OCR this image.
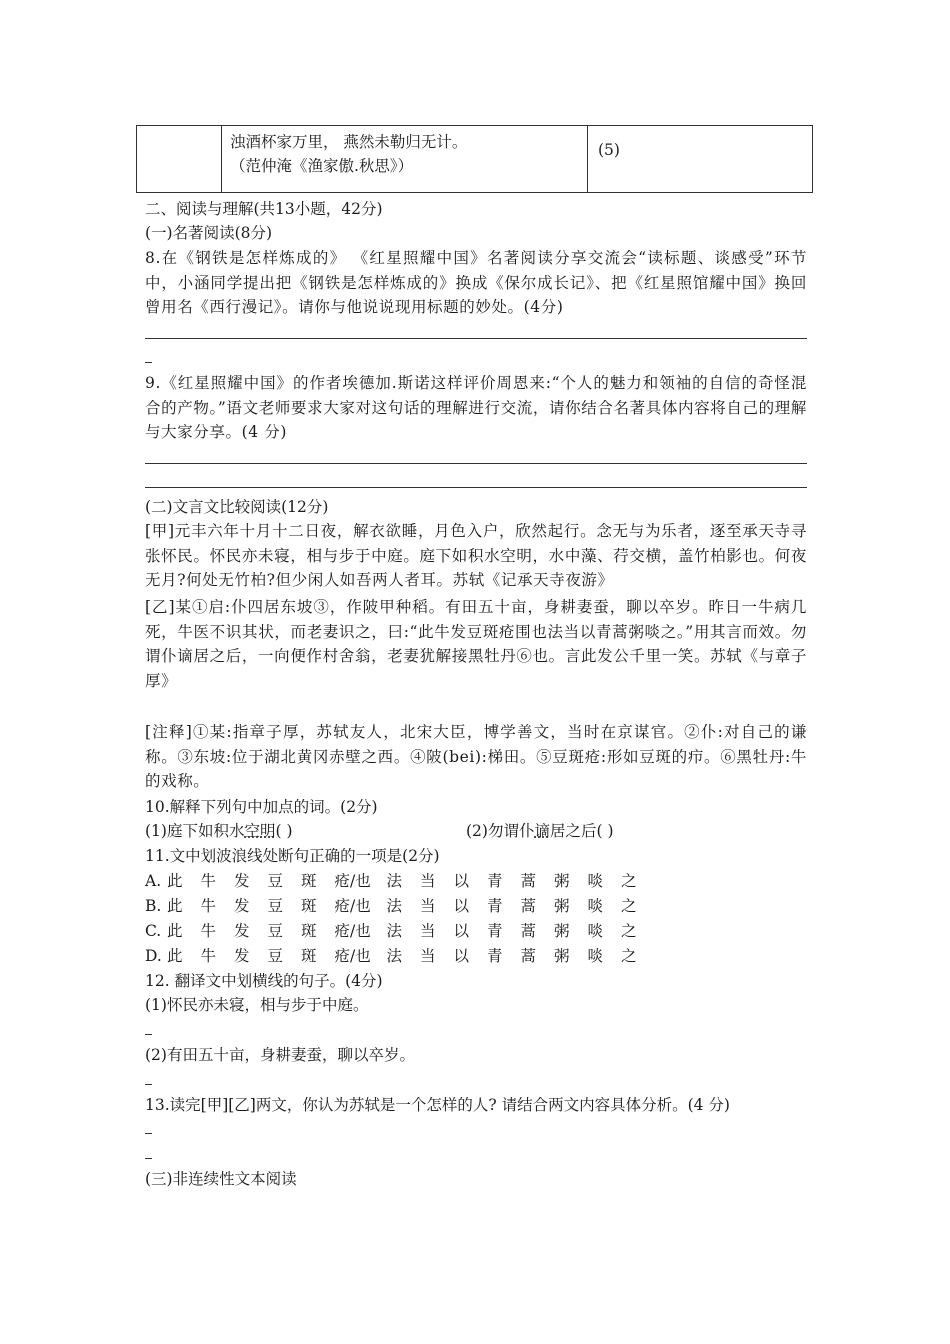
浊酒杯家万里， 燕然未勒归无计。
（范仲淹《渔家傲.秋思》）
(5)
二、阅读与理解(共13小题，42分)
(一)名著阅读(8分)
8.在《钢铁是怎样炼成的》 《红星照耀中国》名著阅读分享交流会“读标题、谈感受”环节中，小涵同学提出把《钢铁是怎样炼成的》换成《保尔成长记》、把《红星照馆耀中国》换回曾用名《西行漫记》。请你与他说说现用标题的妙处。(4分)
9.《红星照耀中国》的作者埃德加.斯诺这样评价周恩来:“个人的魅力和领袖的自信的奇怪混合的产物。”语文老师要求大家对这句话的理解进行交流，请你结合名著具体内容将自己的理解与大家分享。(4 分)
(二)文言文比较阅读(12分)
[甲]元丰六年十月十二日夜，解衣欲睡，月色入户，欣然起行。念无与为乐者，逐至承天寺寻张怀民。怀民亦未寝，相与步于中庭。庭下如积水空明，水中藻、荇交横，盖竹柏影也。何夜无月?何处无竹柏?但少闲人如吾两人者耳。苏轼《记承天寺夜游》
[乙]某①启:仆四居东坡③，作陂甲种稻。有田五十亩，身耕妻蚕，聊以卒岁。昨日一牛病几死，牛医不识其状，而老妻识之，曰:“此牛发豆斑疮围也法当以青蒿粥啖之。”用其言而效。勿谓仆谪居之后，一向便作村舍翁，老妻犹解接黑牡丹⑥也。言此发公千里一笑。苏轼《与章子厚》
[注释]①某:指章子厚，苏轼友人，北宋大臣，博学善文，当时在京谋官。②仆:对自己的谦称。③东坡:位于湖北黄冈赤壁之西。④陂(bei):梯田。⑤豆斑疮:形如豆斑的疖。⑥黑牡丹:牛的戏称。
10.解释下列句中加点的词。(2分)
(1)庭下如积水空明( )	(2)勿谓仆谪居之后( )
11.文中划波浪线处断句正确的一项是(2分)
A. 此 牛 发 豆 斑 疮/也 法 当 以 青 蒿 粥 啖 之
B. 此 牛 发 豆 斑 疮/也 法 当 以 青 蒿 粥 啖 之
C. 此 牛 发 豆 斑 疮/也 法 当 以 青 蒿 粥 啖 之
D. 此 牛 发 豆 斑 疮/也 法 当 以 青 蒿 粥 啖 之
12. 翻译文中划横线的句子。(4分)
(1)怀民亦未寝，相与步于中庭。
(2)有田五十亩，身耕妻蚕，聊以卒岁。
13.读完[甲][乙]两文，你认为苏轼是一个怎样的人? 请结合两文内容具体分析。(4 分)
(三)非连续性文本阅读
